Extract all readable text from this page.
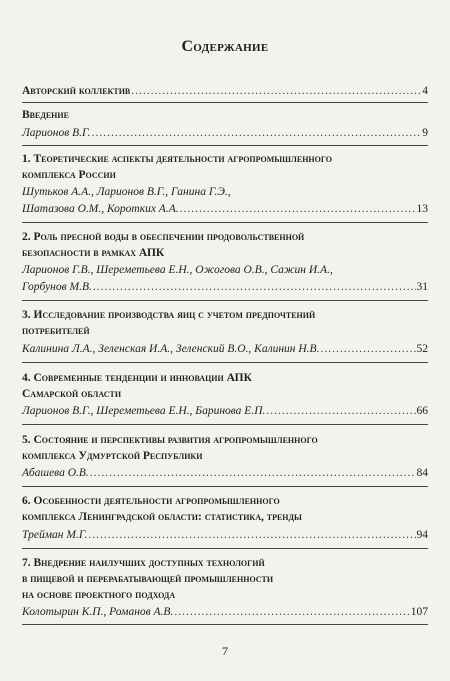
Содержание
Авторский коллектив .....	4
Введение
Ларионов В.Г. .....	9
1. Теоретические аспекты деятельности агропромышленного
комплекса России
Шутьков А.А., Ларионов В.Г., Ганина Г.Э.,
Шатазова О.М., Коротких А.А. .....	13
2. Роль пресной воды в обеспечении продовольственной
безопасности в рамках АПК
Ларионов Г.В., Шереметьева Е.Н., Ожогова О.В., Сажин И.А.,
Горбунов М.В. .....	31
3. Исследование производства яиц с учетом предпочтений
потребителей
Калинина Л.А., Зеленская И.А., Зеленский В.О., Калинин Н.В. .....	52
4. Современные тенденции и инновации АПК
Самарской области
Ларионов В.Г., Шереметьева Е.Н., Баринова Е.П. .....	66
5. Состояние и перспективы развития агропромышленного
комплекса Удмуртской Республики
Абашева О.В. .....	84
6. Особенности деятельности агропромышленного
комплекса Ленинградской области: статистика, тренды
Трейман М.Г. .....	94
7. Внедрение наилучших доступных технологий
в пищевой и перерабатывающей промышленности
на основе проектного подхода
Колотырин К.П., Романов А.В. .....	107
7
